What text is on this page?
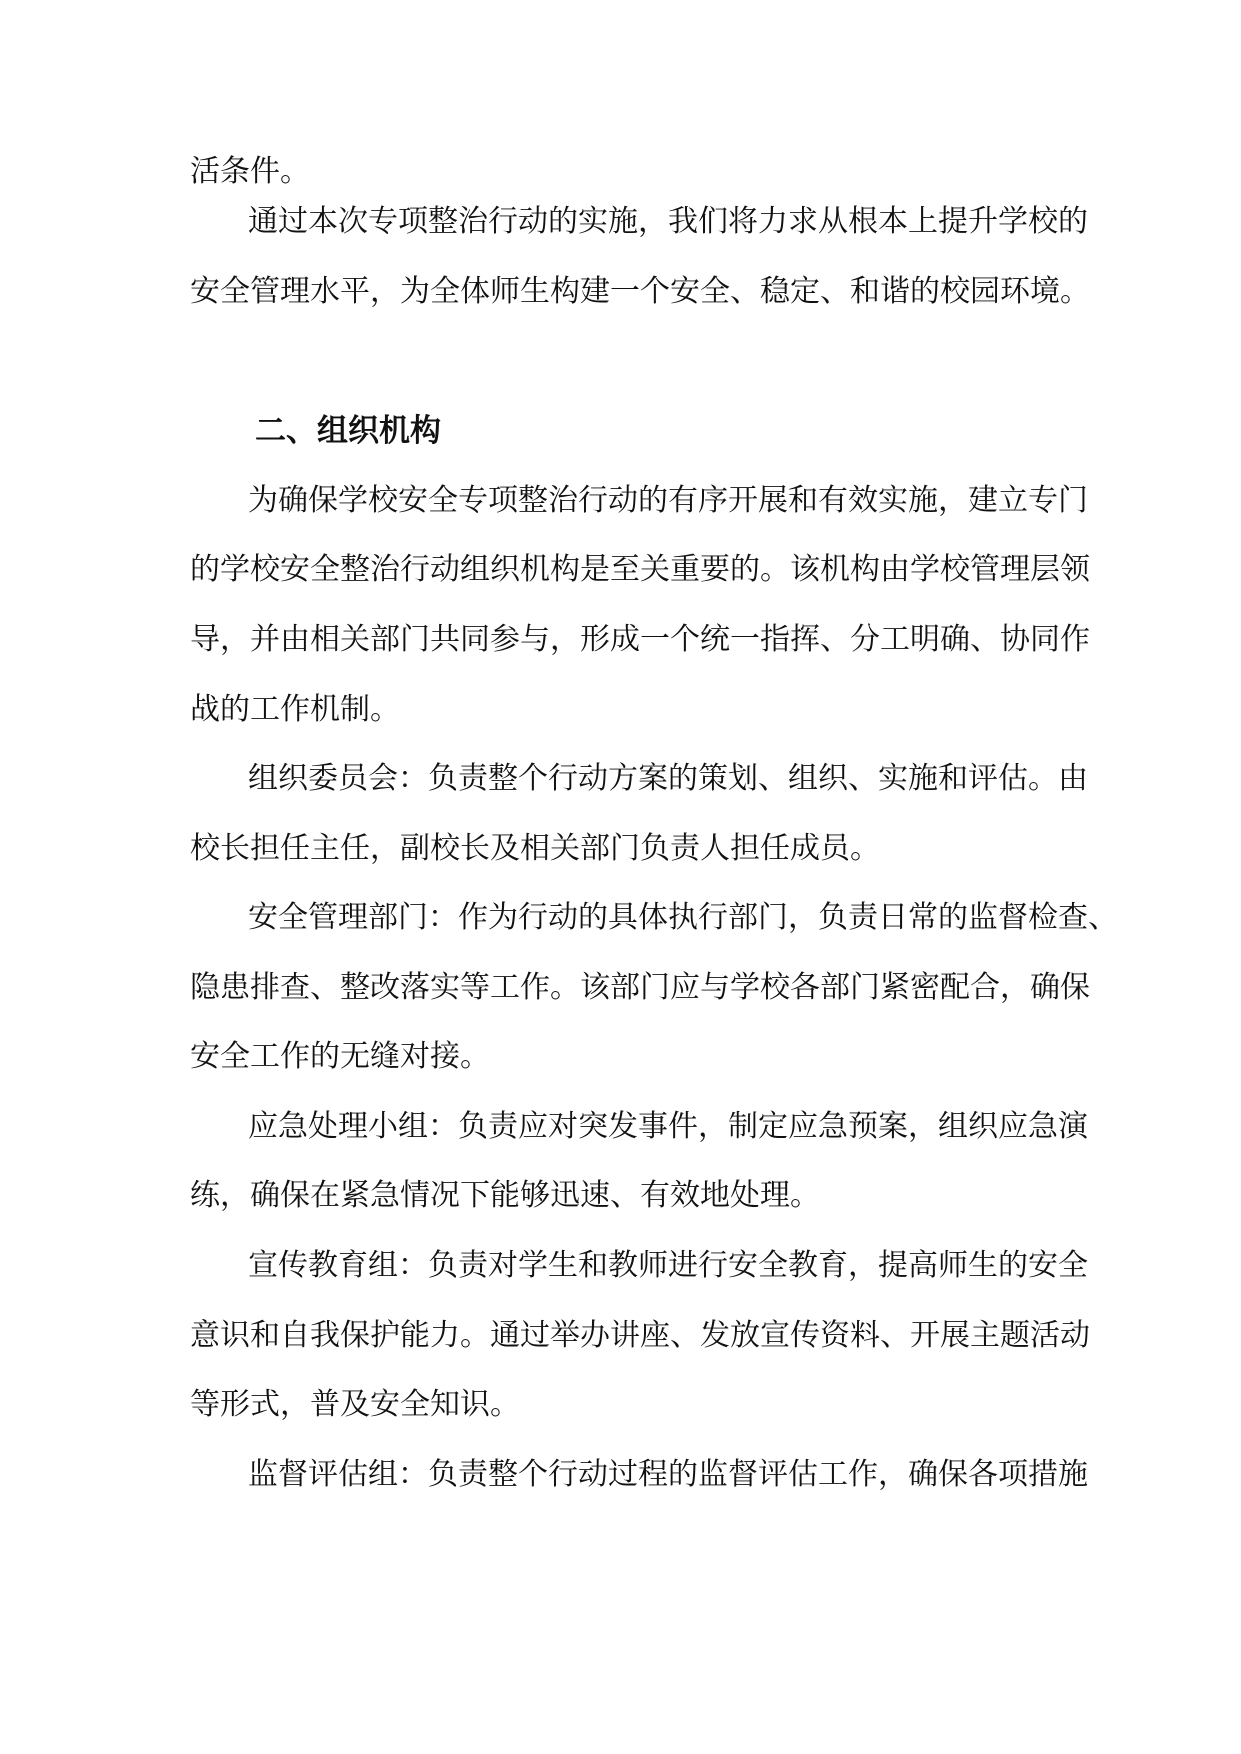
活条件。
通过本次专项整治行动的实施，我们将力求从根本上提升学校的
安全管理水平，为全体师生构建一个安全、稳定、和谐的校园环境。
二、组织机构
为确保学校安全专项整治行动的有序开展和有效实施，建立专门
的学校安全整治行动组织机构是至关重要的。该机构由学校管理层领
导，并由相关部门共同参与，形成一个统一指挥、分工明确、协同作
战的工作机制。
组织委员会：负责整个行动方案的策划、组织、实施和评估。由
校长担任主任，副校长及相关部门负责人担任成员。
安全管理部门：作为行动的具体执行部门，负责日常的监督检查、
隐患排查、整改落实等工作。该部门应与学校各部门紧密配合，确保
安全工作的无缝对接。
应急处理小组：负责应对突发事件，制定应急预案，组织应急演
练，确保在紧急情况下能够迅速、有效地处理。
宣传教育组：负责对学生和教师进行安全教育，提高师生的安全
意识和自我保护能力。通过举办讲座、发放宣传资料、开展主题活动
等形式，普及安全知识。
监督评估组：负责整个行动过程的监督评估工作，确保各项措施
